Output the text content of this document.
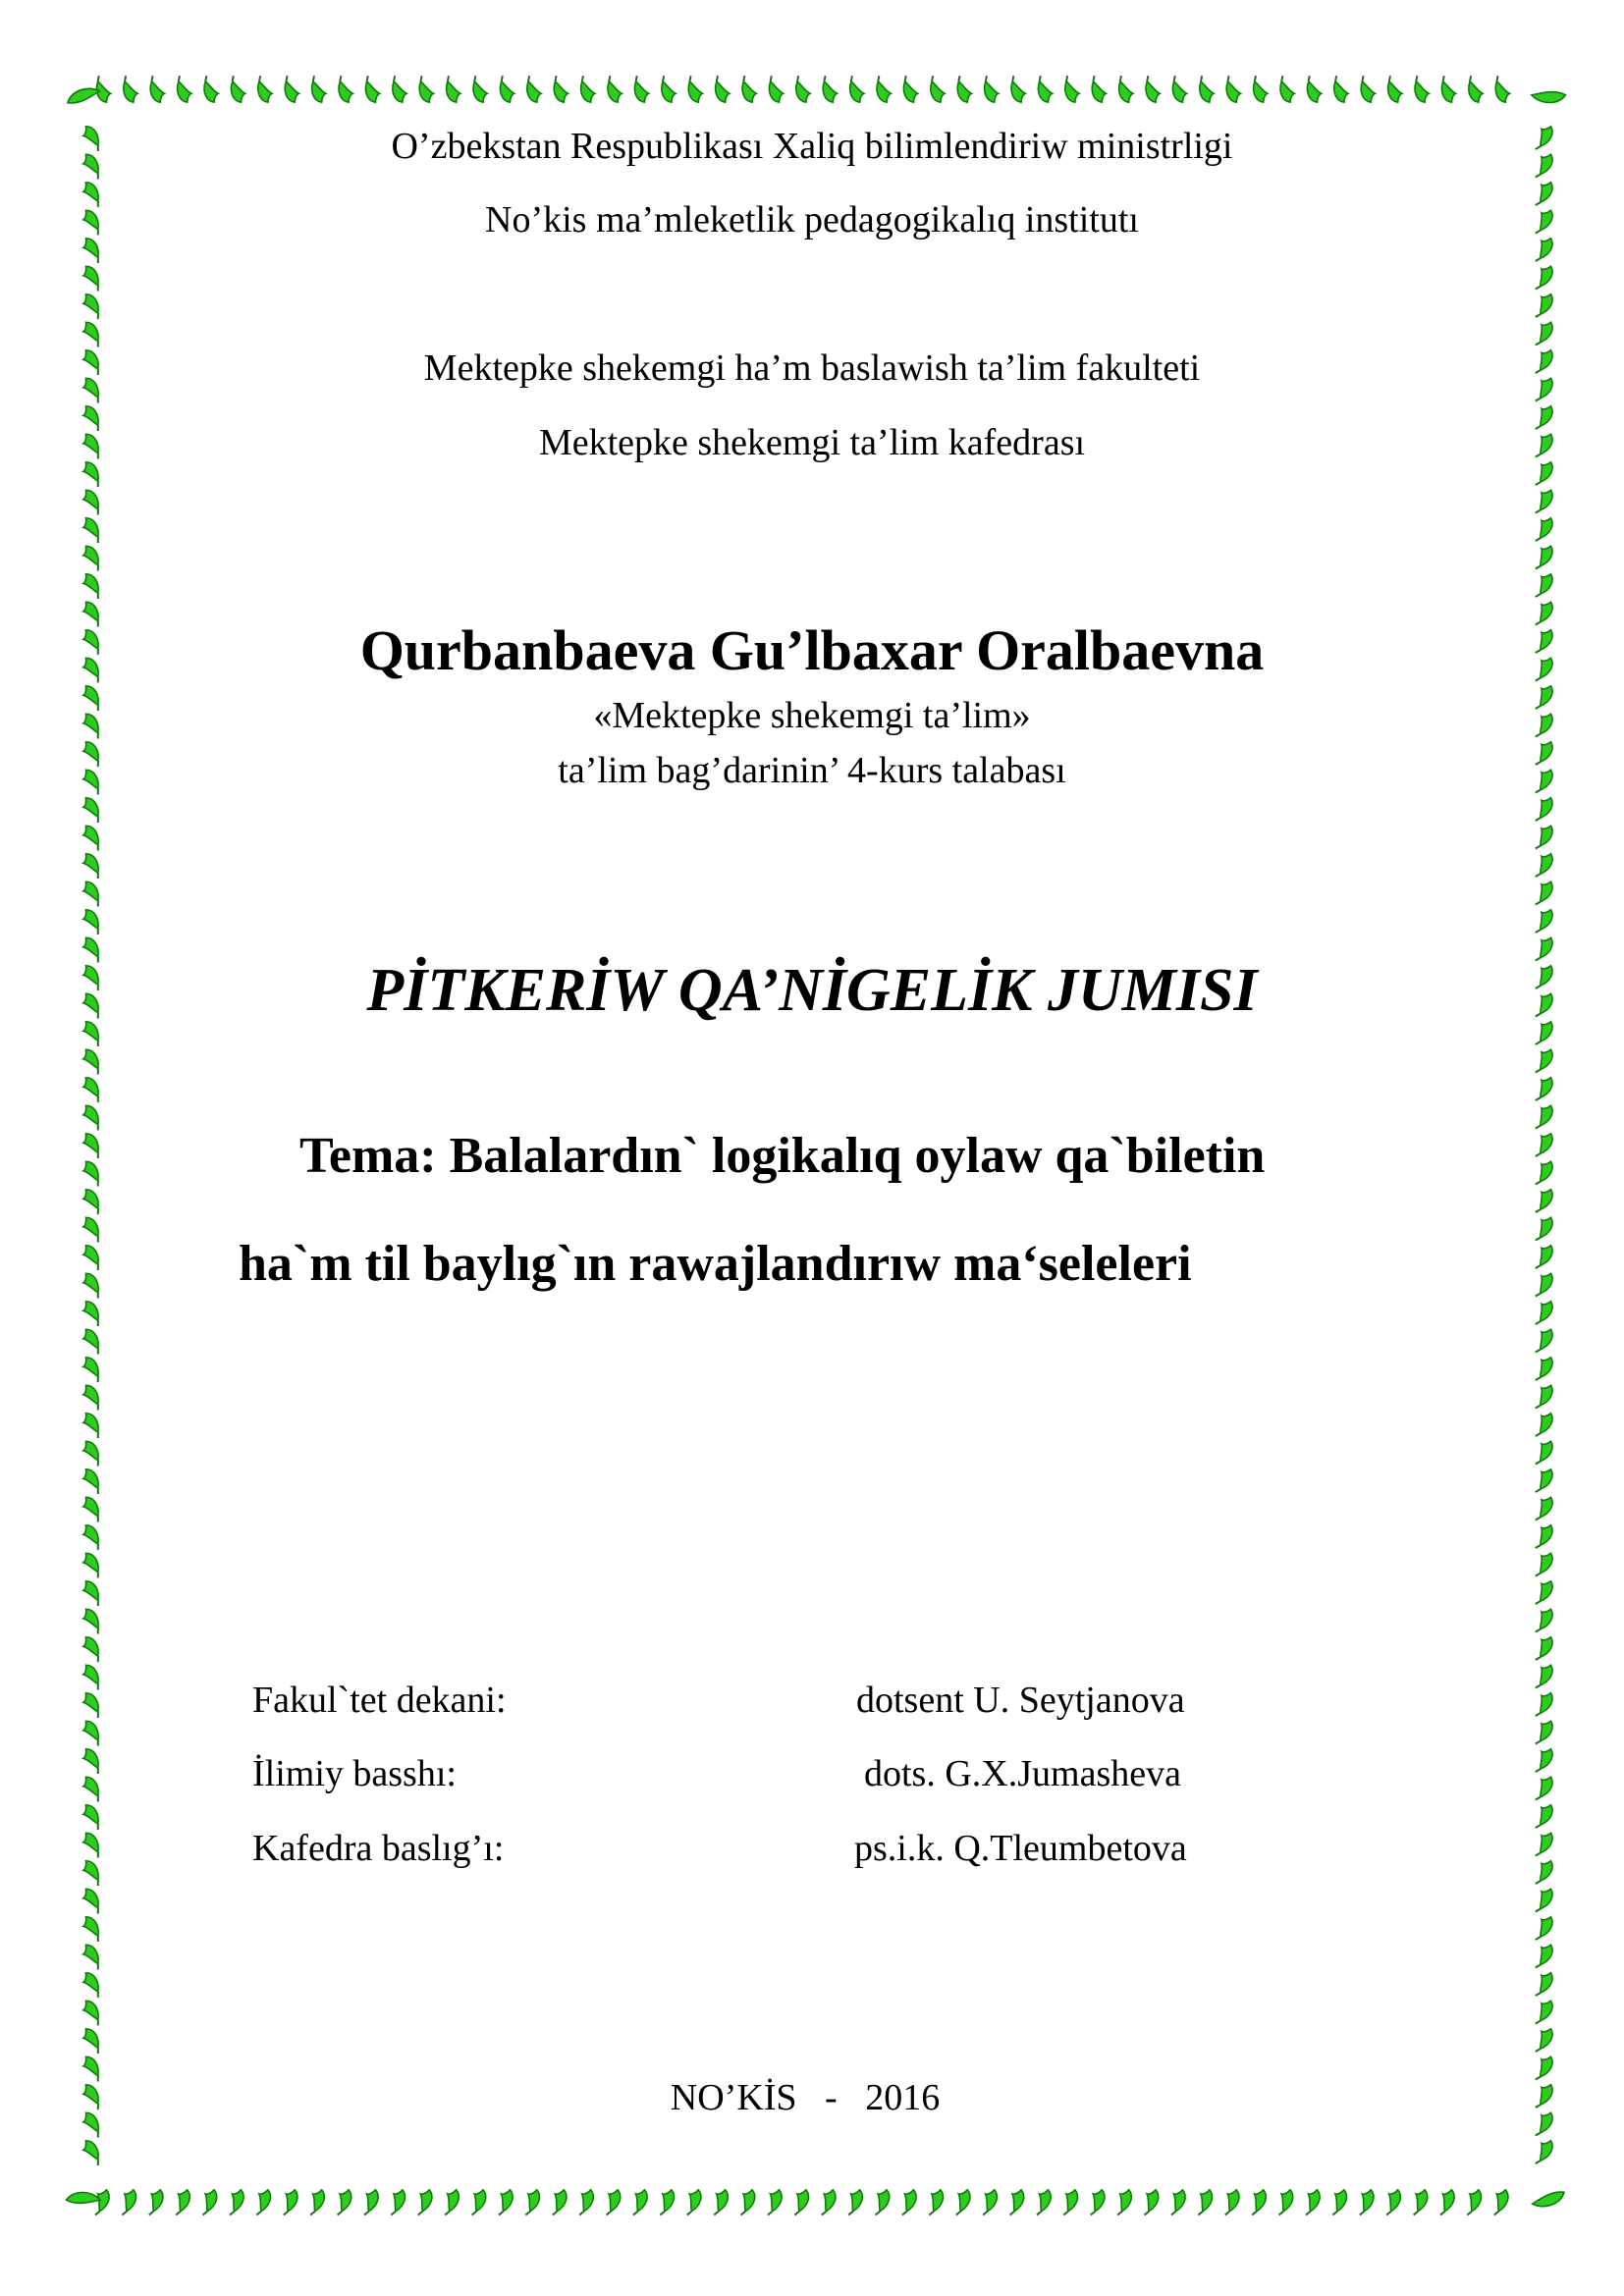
O’zbekstan Respublikası Xaliq bilimlendiriw ministrligi
No’kis ma’mleketlik pedagogikalıq institutı
Mektepke shekemgi ha’m baslawish ta’lim fakulteti
Mektepke shekemgi ta’lim kafedrası
Qurbanbaeva Gu’lbaxar Oralbaevna
«Mektepke shekemgi ta’lim»
ta’lim bag’darinin’ 4-kurs talabası
PİTKERİW QA’NİGELİK JUMISI
Tema: Balalardın` logikalıq oylaw qa`biletin
ha`m til baylıg`ın rawajlandırıw ma‘seleleri
Fakul`tet dekani:	dotsent U. Seytjanova
İlimiy basshı:	dots. G.X.Jumasheva
Kafedra baslıg’ı:	ps.i.k. Q.Tleumbetova
NO’KİS   -   2016
